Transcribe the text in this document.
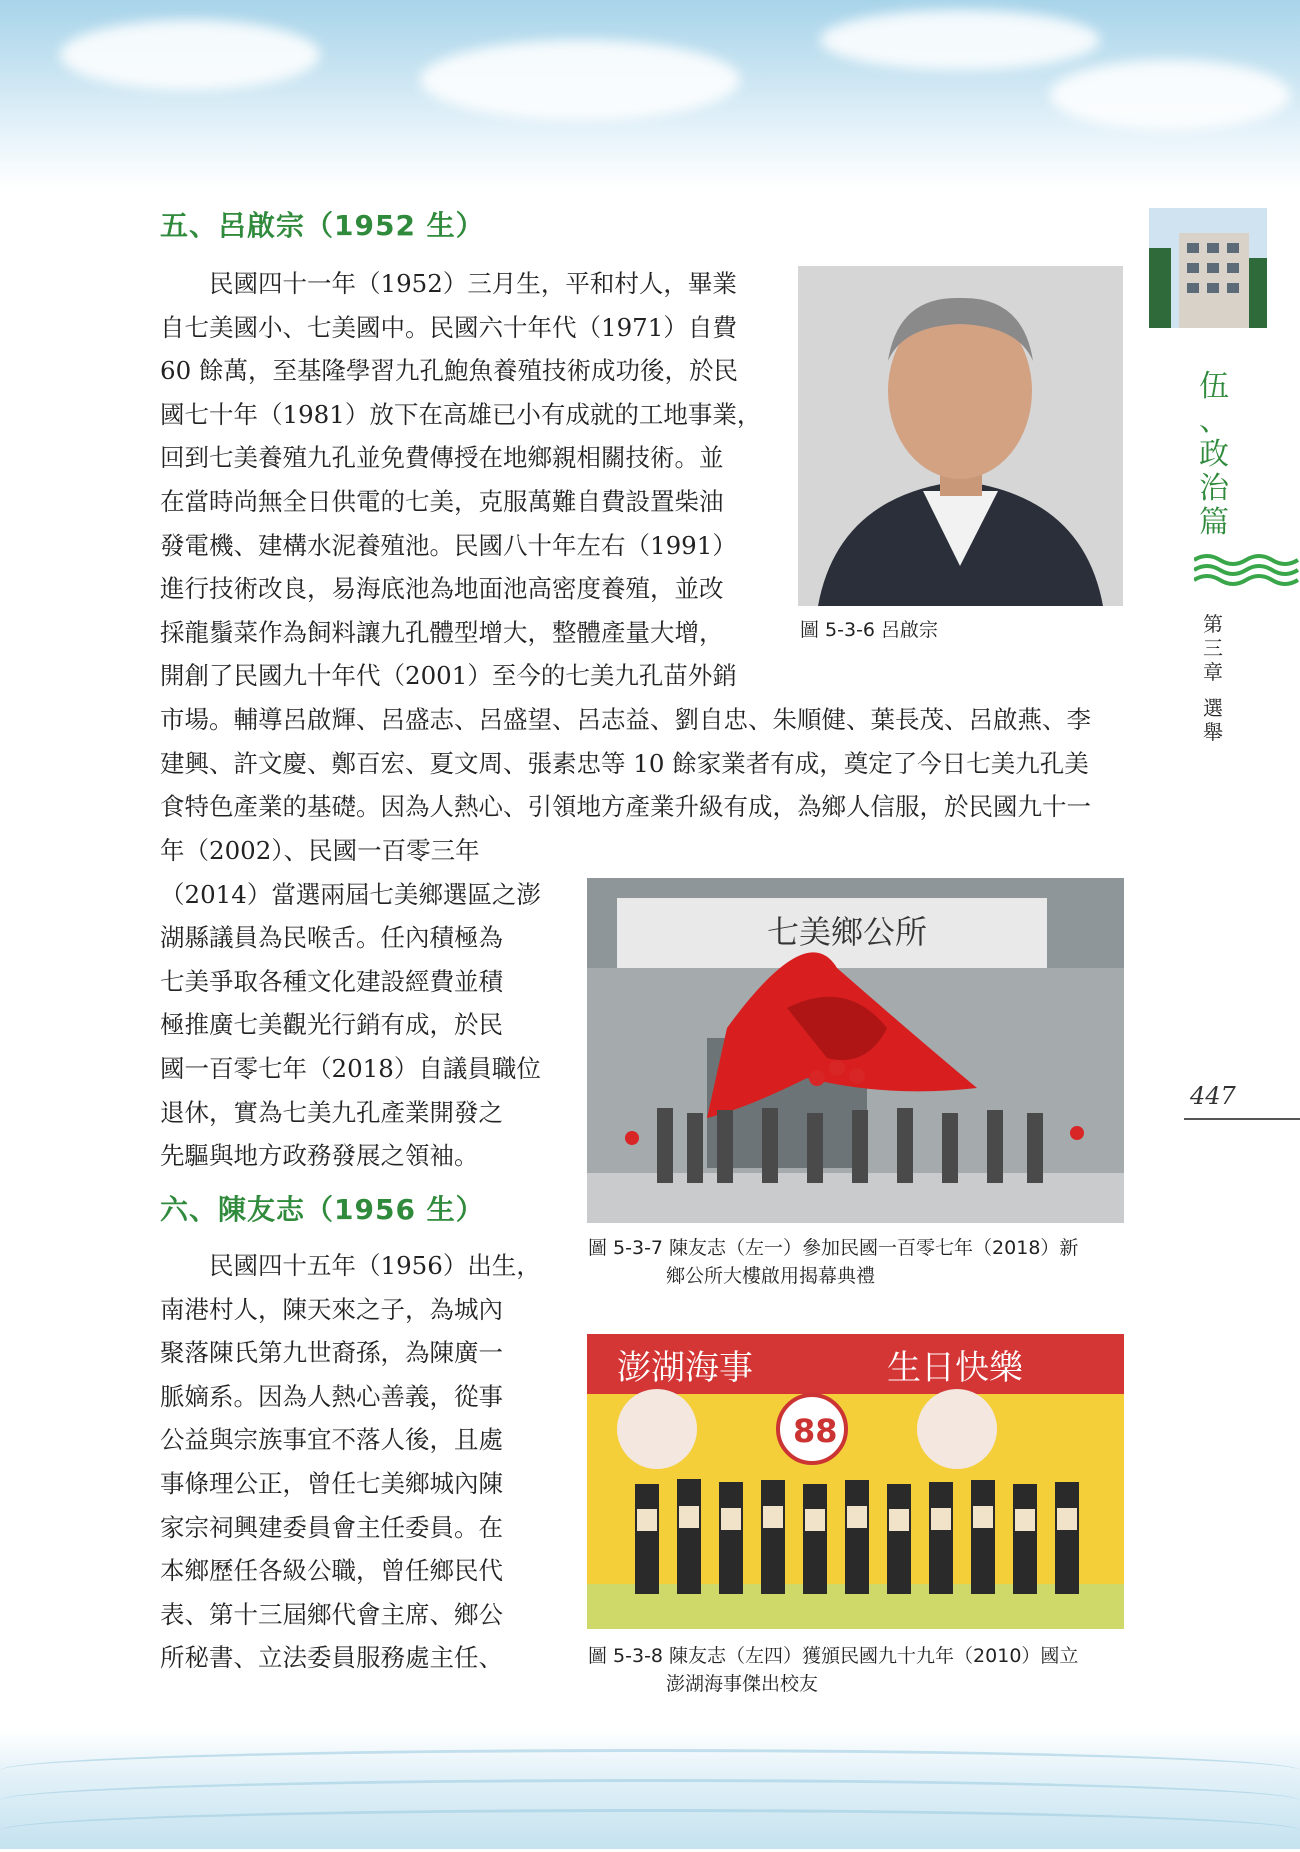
五、呂啟宗（1952 生）
民國四十一年（1952）三月生，平和村人，畢業
自七美國小、七美國中。民國六十年代（1971）自費
60 餘萬，至基隆學習九孔鮑魚養殖技術成功後，於民
國七十年（1981）放下在高雄已小有成就的工地事業，
回到七美養殖九孔並免費傳授在地鄉親相關技術。並
在當時尚無全日供電的七美，克服萬難自費設置柴油
發電機、建構水泥養殖池。民國八十年左右（1991）
進行技術改良，易海底池為地面池高密度養殖，並改
採龍鬚菜作為飼料讓九孔體型增大，整體產量大增，
開創了民國九十年代（2001）至今的七美九孔苗外銷
市場。輔導呂啟輝、呂盛志、呂盛望、呂志益、劉自忠、朱順健、葉長茂、呂啟燕、李
建興、許文慶、鄭百宏、夏文周、張素忠等 10 餘家業者有成，奠定了今日七美九孔美
食特色產業的基礎。因為人熱心、引領地方產業升級有成，為鄉人信服，於民國九十一
年（2002）、民國一百零三年
（2014）當選兩屆七美鄉選區之澎
湖縣議員為民喉舌。任內積極為
七美爭取各種文化建設經費並積
極推廣七美觀光行銷有成，於民
國一百零七年（2018）自議員職位
退休，實為七美九孔產業開發之
先驅與地方政務發展之領袖。
六、陳友志（1956 生）
民國四十五年（1956）出生，
南港村人，陳天來之子，為城內
聚落陳氏第九世裔孫，為陳廣一
脈嫡系。因為人熱心善義，從事
公益與宗族事宜不落人後，且處
事條理公正，曾任七美鄉城內陳
家宗祠興建委員會主任委員。在
本鄉歷任各級公職，曾任鄉民代
表、第十三屆鄉代會主席、鄉公
所秘書、立法委員服務處主任、
圖 5-3-6 呂啟宗
七美鄉公所
圖 5-3-7 陳友志（左一）參加民國一百零七年（2018）新
鄉公所大樓啟用揭幕典禮
澎湖海事	生日快樂
88
圖 5-3-8 陳友志（左四）獲頒民國九十九年（2010）國立
澎湖海事傑出校友
伍
、
政
治
篇
第
三
章
選
舉
447
